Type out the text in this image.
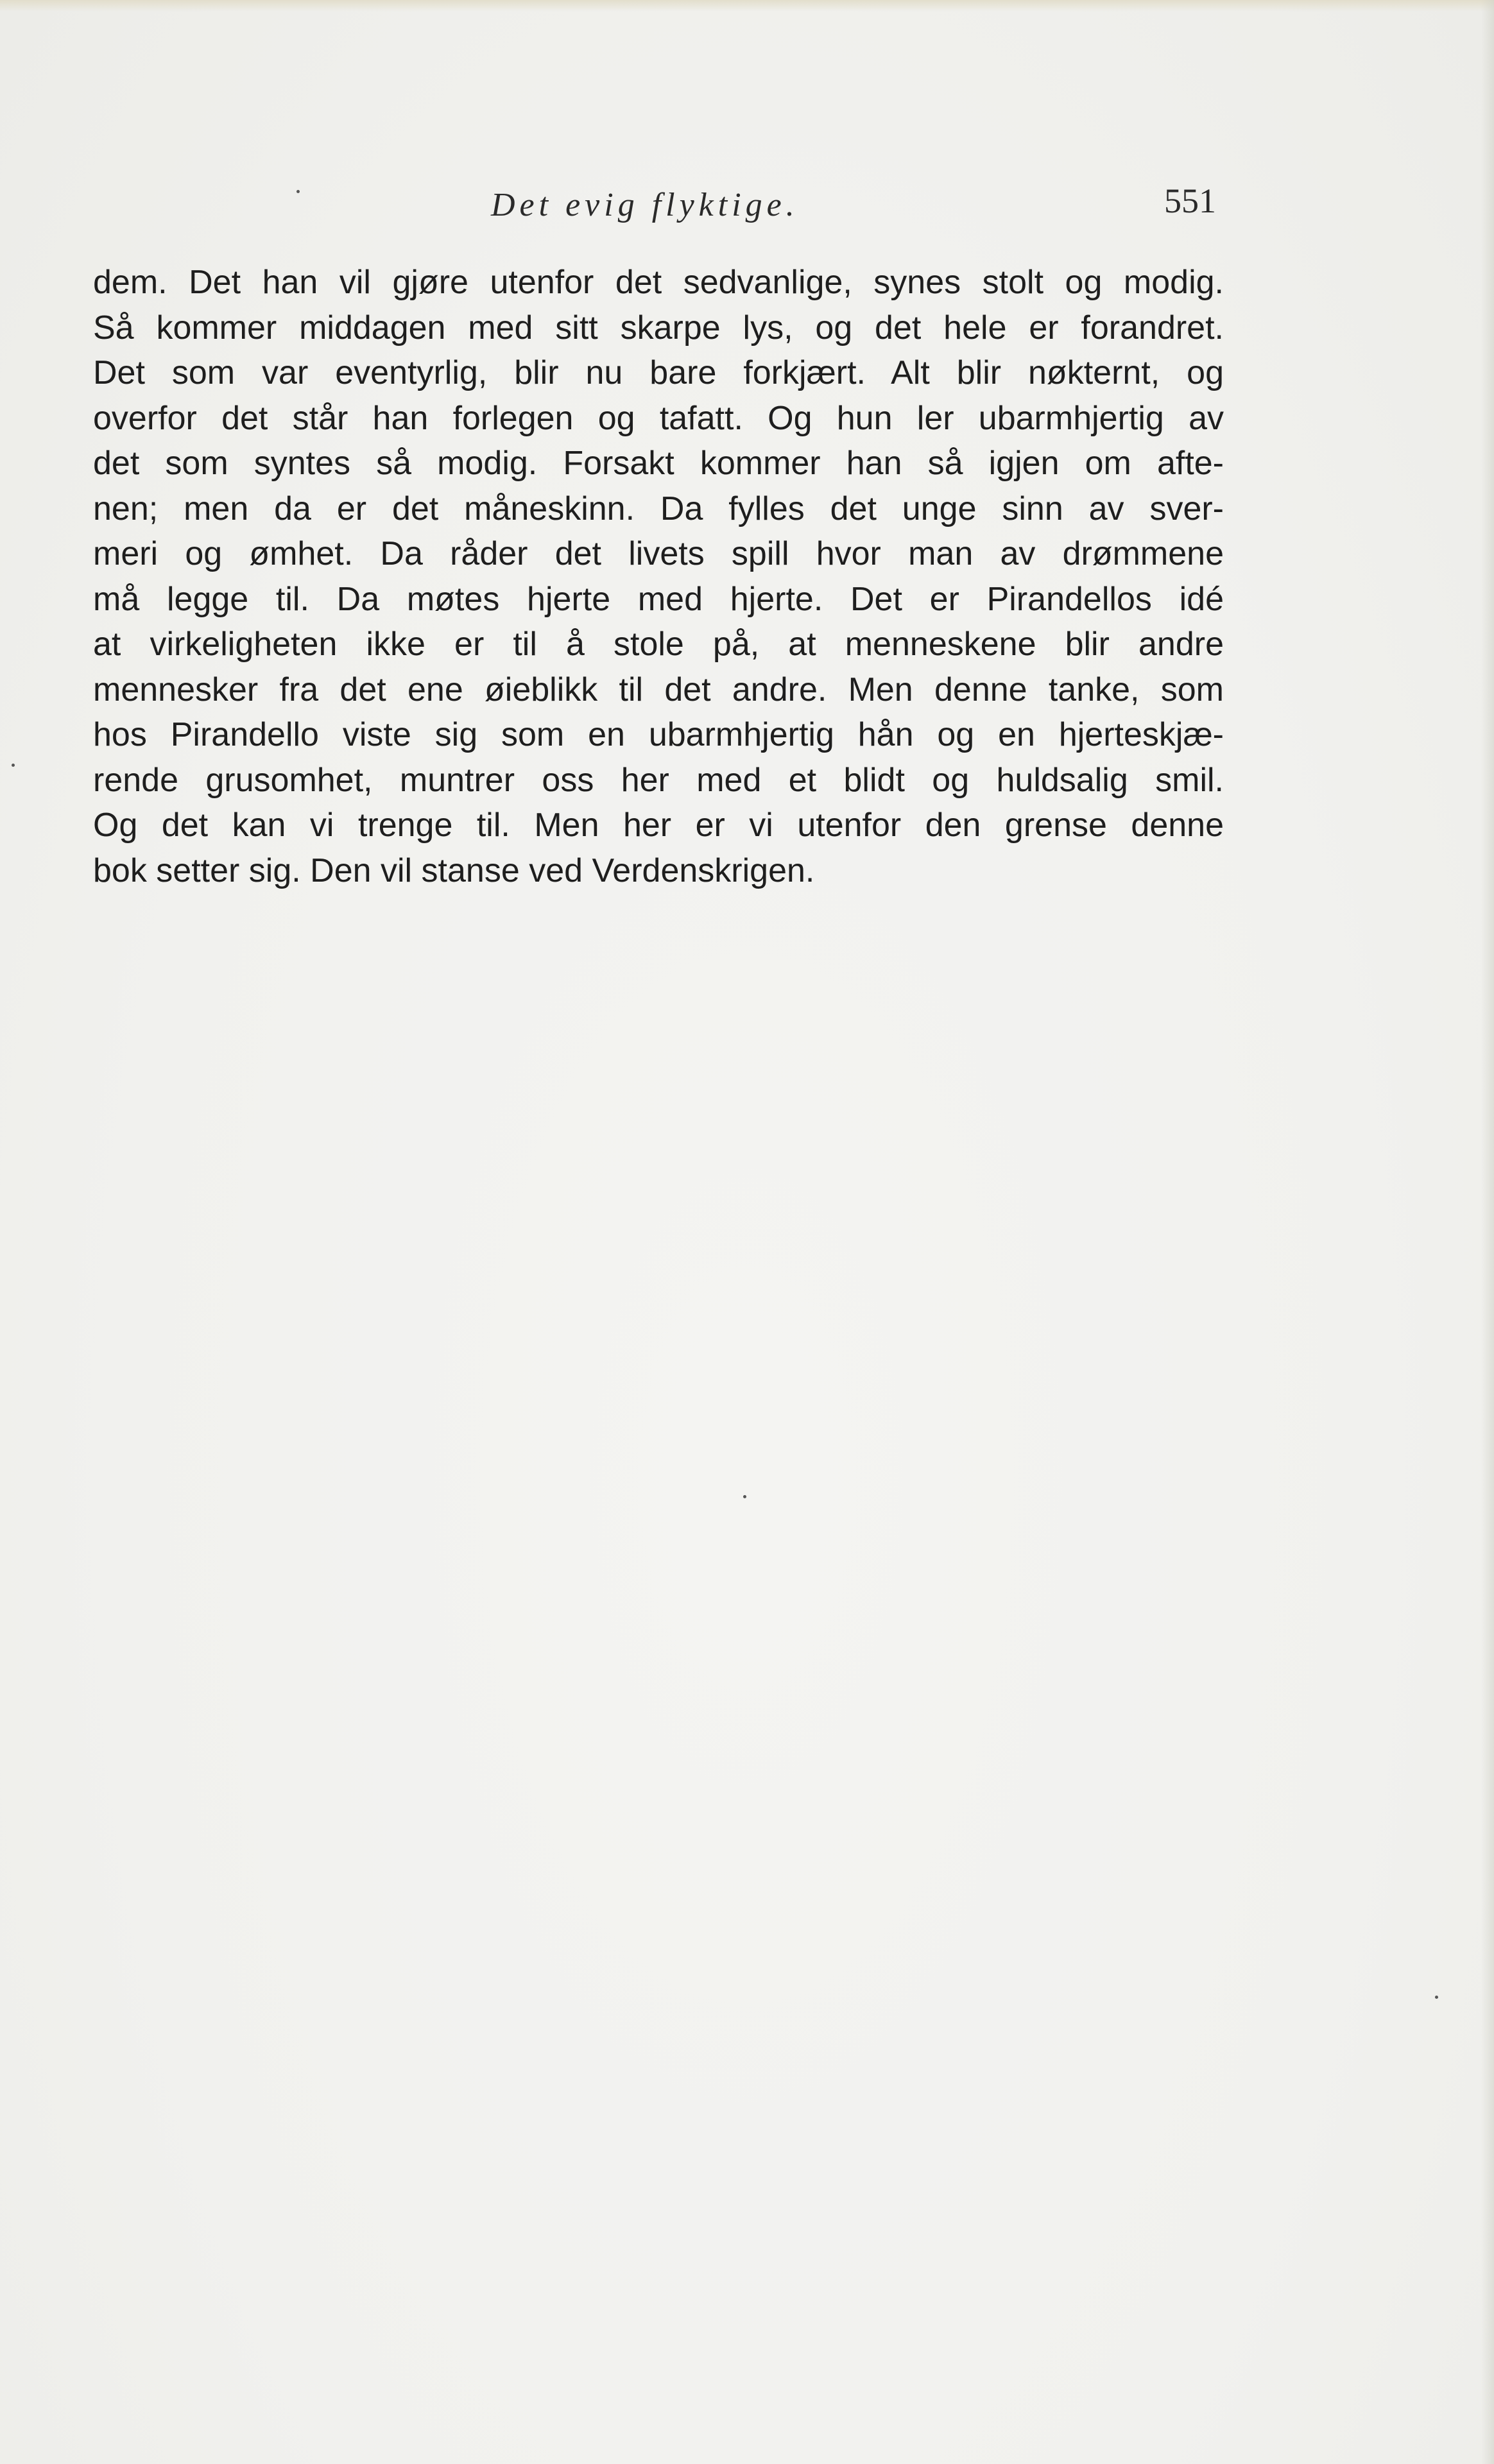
Det evig flyktige.	551
dem. Det han vil gjøre utenfor det sedvanlige, synes stolt og modig.
Så kommer middagen med sitt skarpe lys, og det hele er forandret.
Det som var eventyrlig, blir nu bare forkjært. Alt blir nøkternt, og
overfor det står han forlegen og tafatt. Og hun ler ubarmhjertig av
det som syntes så modig. Forsakt kommer han så igjen om afte-
nen; men da er det måneskinn. Da fylles det unge sinn av sver-
meri og ømhet. Da råder det livets spill hvor man av drømmene
må legge til. Da møtes hjerte med hjerte. Det er Pirandellos idé
at virkeligheten ikke er til å stole på, at menneskene blir andre
mennesker fra det ene øieblikk til det andre. Men denne tanke, som
hos Pirandello viste sig som en ubarmhjertig hån og en hjerteskjæ-
rende grusomhet, muntrer oss her med et blidt og huldsalig smil.
Og det kan vi trenge til. Men her er vi utenfor den grense denne
bok setter sig. Den vil stanse ved Verdenskrigen.
